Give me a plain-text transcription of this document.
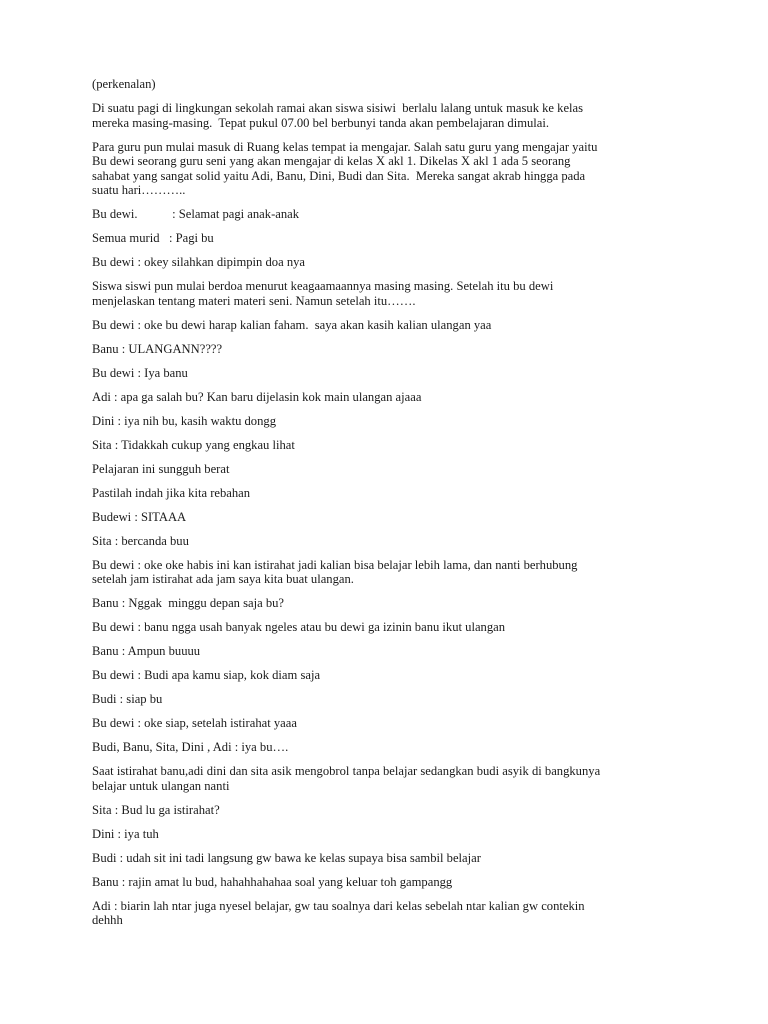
(perkenalan)

Di suatu pagi di lingkungan sekolah ramai akan siswa sisiwi  berlalu lalang untuk masuk ke kelas
mereka masing-masing.  Tepat pukul 07.00 bel berbunyi tanda akan pembelajaran dimulai.

Para guru pun mulai masuk di Ruang kelas tempat ia mengajar. Salah satu guru yang mengajar yaitu
Bu dewi seorang guru seni yang akan mengajar di kelas X akl 1. Dikelas X akl 1 ada 5 seorang
sahabat yang sangat solid yaitu Adi, Banu, Dini, Budi dan Sita.  Mereka sangat akrab hingga pada
suatu hari………..

Bu dewi.           : Selamat pagi anak-anak

Semua murid   : Pagi bu

Bu dewi : okey silahkan dipimpin doa nya

Siswa siswi pun mulai berdoa menurut keagaamaannya masing masing. Setelah itu bu dewi
menjelaskan tentang materi materi seni. Namun setelah itu…….

Bu dewi : oke bu dewi harap kalian faham.  saya akan kasih kalian ulangan yaa

Banu : ULANGANN????

Bu dewi : Iya banu

Adi : apa ga salah bu? Kan baru dijelasin kok main ulangan ajaaa

Dini : iya nih bu, kasih waktu dongg

Sita : Tidakkah cukup yang engkau lihat

Pelajaran ini sungguh berat

Pastilah indah jika kita rebahan

Budewi : SITAAA

Sita : bercanda buu

Bu dewi : oke oke habis ini kan istirahat jadi kalian bisa belajar lebih lama, dan nanti berhubung
setelah jam istirahat ada jam saya kita buat ulangan.

Banu : Nggak  minggu depan saja bu?

Bu dewi : banu ngga usah banyak ngeles atau bu dewi ga izinin banu ikut ulangan

Banu : Ampun buuuu

Bu dewi : Budi apa kamu siap, kok diam saja

Budi : siap bu

Bu dewi : oke siap, setelah istirahat yaaa

Budi, Banu, Sita, Dini , Adi : iya bu….

Saat istirahat banu,adi dini dan sita asik mengobrol tanpa belajar sedangkan budi asyik di bangkunya
belajar untuk ulangan nanti

Sita : Bud lu ga istirahat?

Dini : iya tuh

Budi : udah sit ini tadi langsung gw bawa ke kelas supaya bisa sambil belajar

Banu : rajin amat lu bud, hahahhahahaa soal yang keluar toh gampangg

Adi : biarin lah ntar juga nyesel belajar, gw tau soalnya dari kelas sebelah ntar kalian gw contekin
dehhh
